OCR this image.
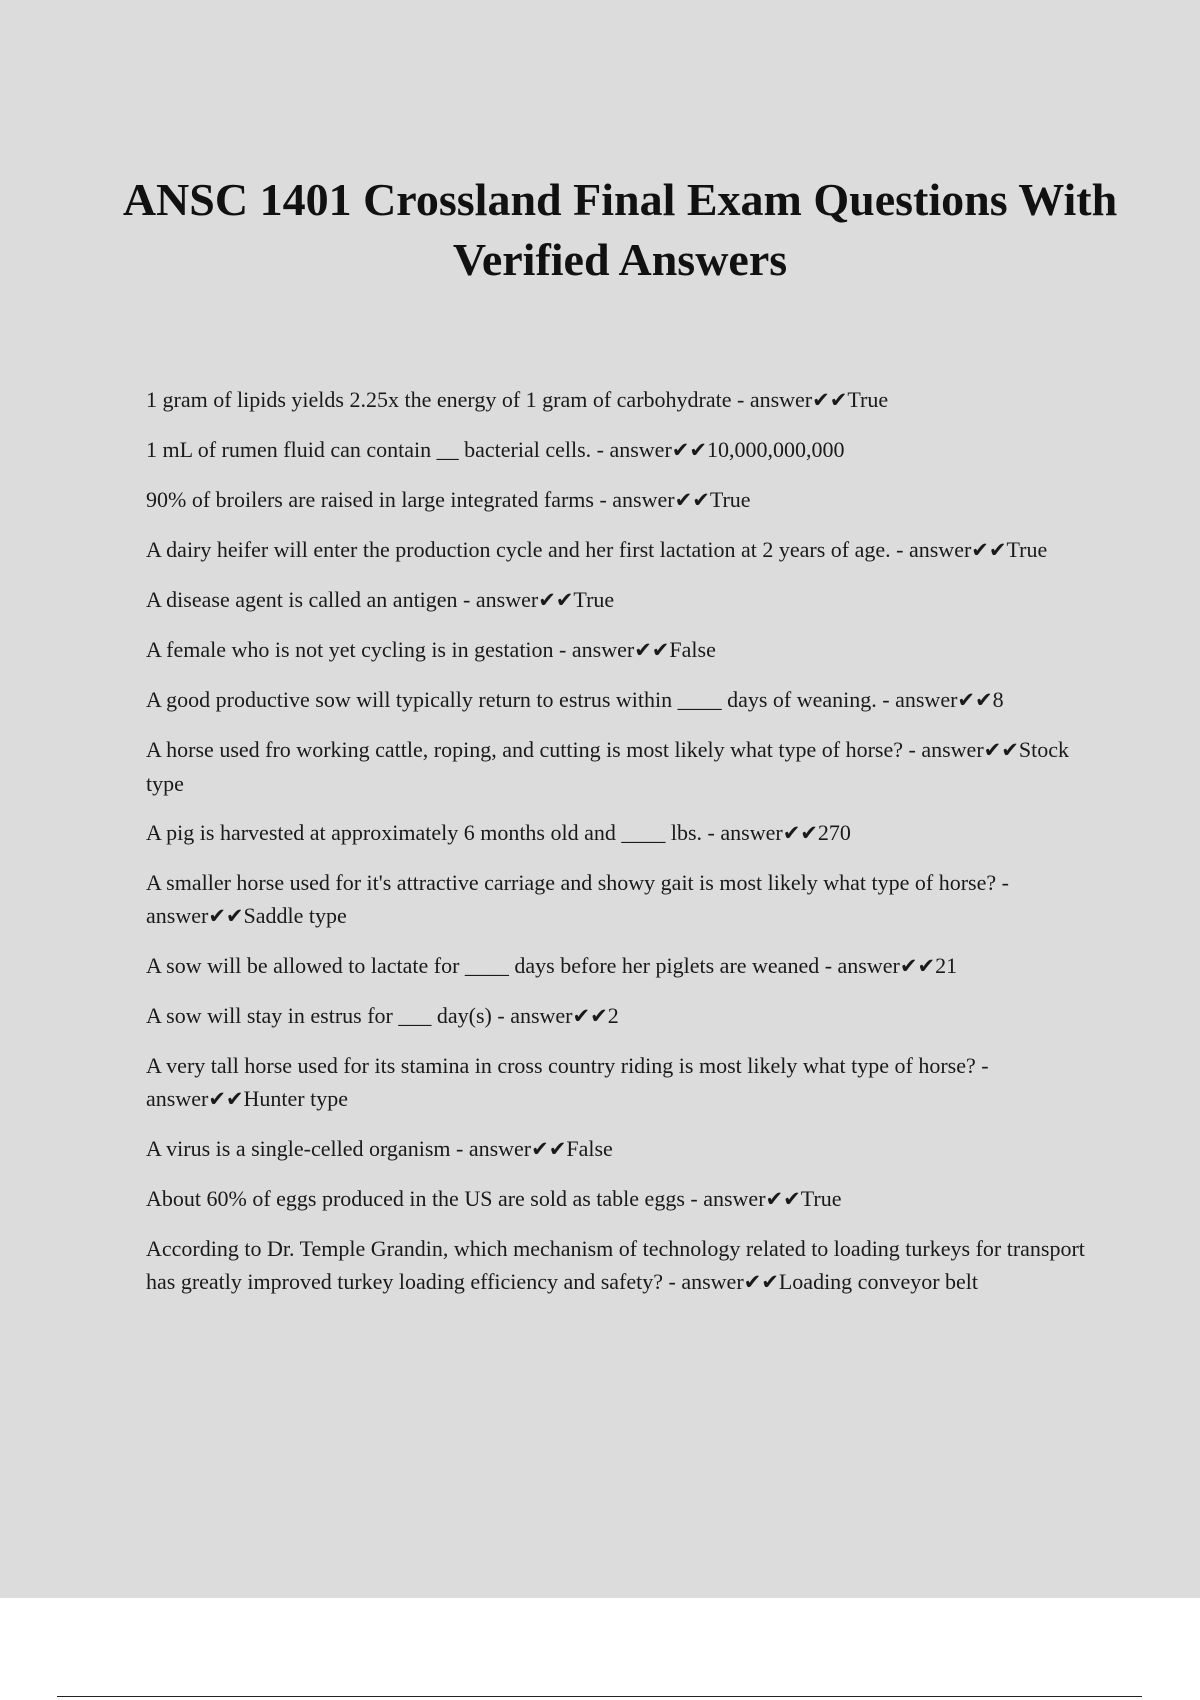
ANSC 1401 Crossland Final Exam Questions With Verified Answers
1 gram of lipids yields 2.25x the energy of 1 gram of carbohydrate - answer✔✔True
1 mL of rumen fluid can contain __ bacterial cells. - answer✔✔10,000,000,000
90% of broilers are raised in large integrated farms - answer✔✔True
A dairy heifer will enter the production cycle and her first lactation at 2 years of age. - answer✔✔True
A disease agent is called an antigen - answer✔✔True
A female who is not yet cycling is in gestation - answer✔✔False
A good productive sow will typically return to estrus within ____ days of weaning. - answer✔✔8
A horse used fro working cattle, roping, and cutting is most likely what type of horse? - answer✔✔Stock type
A pig is harvested at approximately 6 months old and ____ lbs. - answer✔✔270
A smaller horse used for it's attractive carriage and showy gait is most likely what type of horse? - answer✔✔Saddle type
A sow will be allowed to lactate for ____ days before her piglets are weaned - answer✔✔21
A sow will stay in estrus for ___ day(s) - answer✔✔2
A very tall horse used for its stamina in cross country riding is most likely what type of horse? - answer✔✔Hunter type
A virus is a single-celled organism - answer✔✔False
About 60% of eggs produced in the US are sold as table eggs - answer✔✔True
According to Dr. Temple Grandin, which mechanism of technology related to loading turkeys for transport has greatly improved turkey loading efficiency and safety? - answer✔✔Loading conveyor belt
